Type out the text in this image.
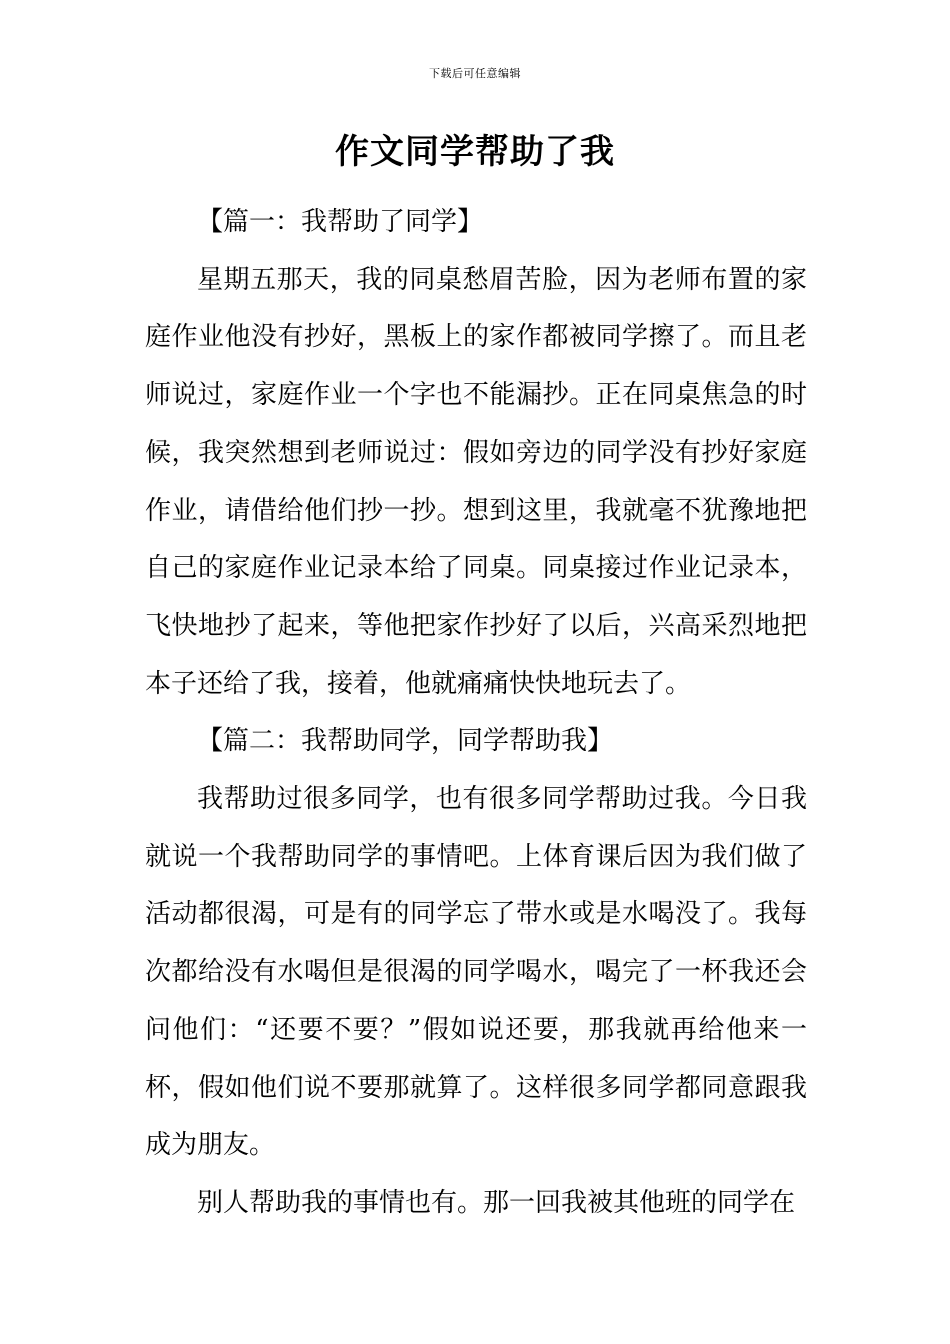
下载后可任意编辑
作文同学帮助了我

【篇一：我帮助了同学】

星期五那天，我的同桌愁眉苦脸，因为老师布置的家庭作业他没有抄好，黑板上的家作都被同学擦了。而且老师说过，家庭作业一个字也不能漏抄。正在同桌焦急的时候，我突然想到老师说过：假如旁边的同学没有抄好家庭作业，请借给他们抄一抄。想到这里，我就毫不犹豫地把自己的家庭作业记录本给了同桌。同桌接过作业记录本，飞快地抄了起来，等他把家作抄好了以后，兴高采烈地把本子还给了我，接着，他就痛痛快快地玩去了。

【篇二：我帮助同学，同学帮助我】

我帮助过很多同学，也有很多同学帮助过我。今日我就说一个我帮助同学的事情吧。上体育课后因为我们做了活动都很渴，可是有的同学忘了带水或是水喝没了。我每次都给没有水喝但是很渴的同学喝水，喝完了一杯我还会问他们：“还要不要？”假如说还要，那我就再给他来一杯，假如他们说不要那就算了。这样很多同学都同意跟我成为朋友。

别人帮助我的事情也有。那一回我被其他班的同学在
